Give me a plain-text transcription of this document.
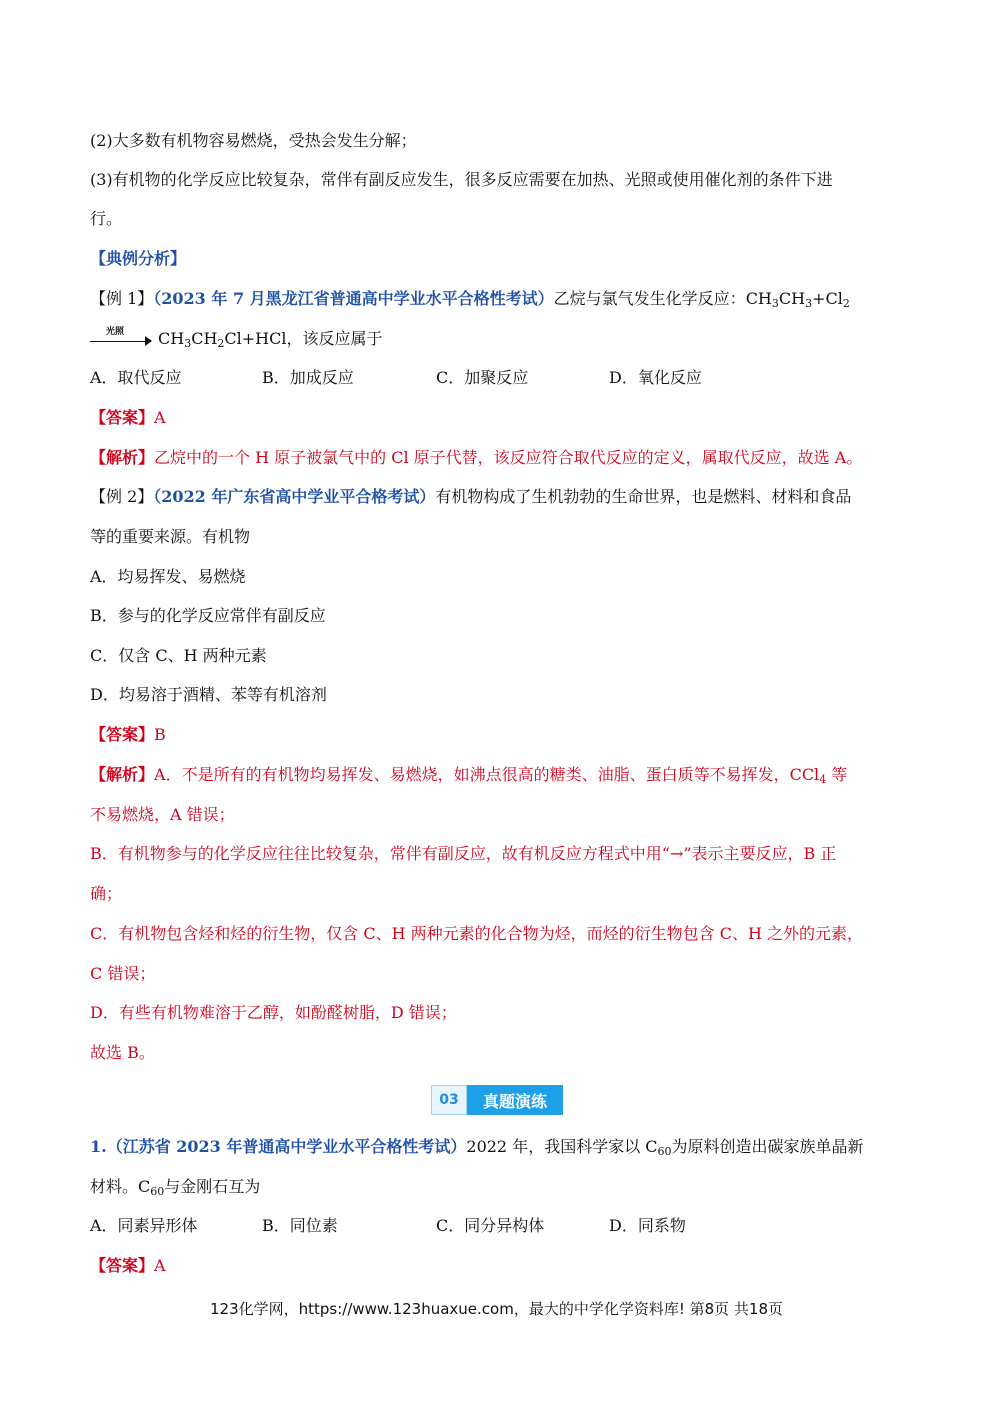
(2)大多数有机物容易燃烧，受热会发生分解；
(3)有机物的化学反应比较复杂，常伴有副反应发生，很多反应需要在加热、光照或使用催化剂的条件下进
行。
【典例分析】
【例 1】（2023 年 7 月黑龙江省普通高中学业水平合格性考试）乙烷与氯气发生化学反应：$CH_3CH_3+Cl_2$
光照 $CH_3CH_2Cl+HCl$，该反应属于
A．取代反应	B．加成反应	C．加聚反应	D．氧化反应
【答案】A
【解析】乙烷中的一个 H 原子被氯气中的 Cl 原子代替，该反应符合取代反应的定义，属取代反应，故选 A。
【例 2】（2022 年广东省高中学业平合格考试）有机物构成了生机勃勃的生命世界，也是燃料、材料和食品
等的重要来源。有机物
A．均易挥发、易燃烧
B．参与的化学反应常伴有副反应
C．仅含 C、H 两种元素
D．均易溶于酒精、苯等有机溶剂
【答案】B
【解析】A．不是所有的有机物均易挥发、易燃烧，如沸点很高的糖类、油脂、蛋白质等不易挥发，CCl$_4$ 等
不易燃烧，A 错误；
B．有机物参与的化学反应往往比较复杂，常伴有副反应，故有机反应方程式中用“→”表示主要反应，B 正
确；
C．有机物包含烃和烃的衍生物，仅含 C、H 两种元素的化合物为烃，而烃的衍生物包含 C、H 之外的元素，
C 错误；
D．有些有机物难溶于乙醇，如酚醛树脂，D 错误；
故选 B。
03	真题演练
1.（江苏省 2023 年普通高中学业水平合格性考试）2022 年，我国科学家以 $C_{60}$为原料创造出碳家族单晶新
材料。$C_{60}$与金刚石互为
A．同素异形体	B．同位素	C．同分异构体	D．同系物
【答案】A
123化学网，https://www.123huaxue.com，最大的中学化学资料库! 第8页 共18页
